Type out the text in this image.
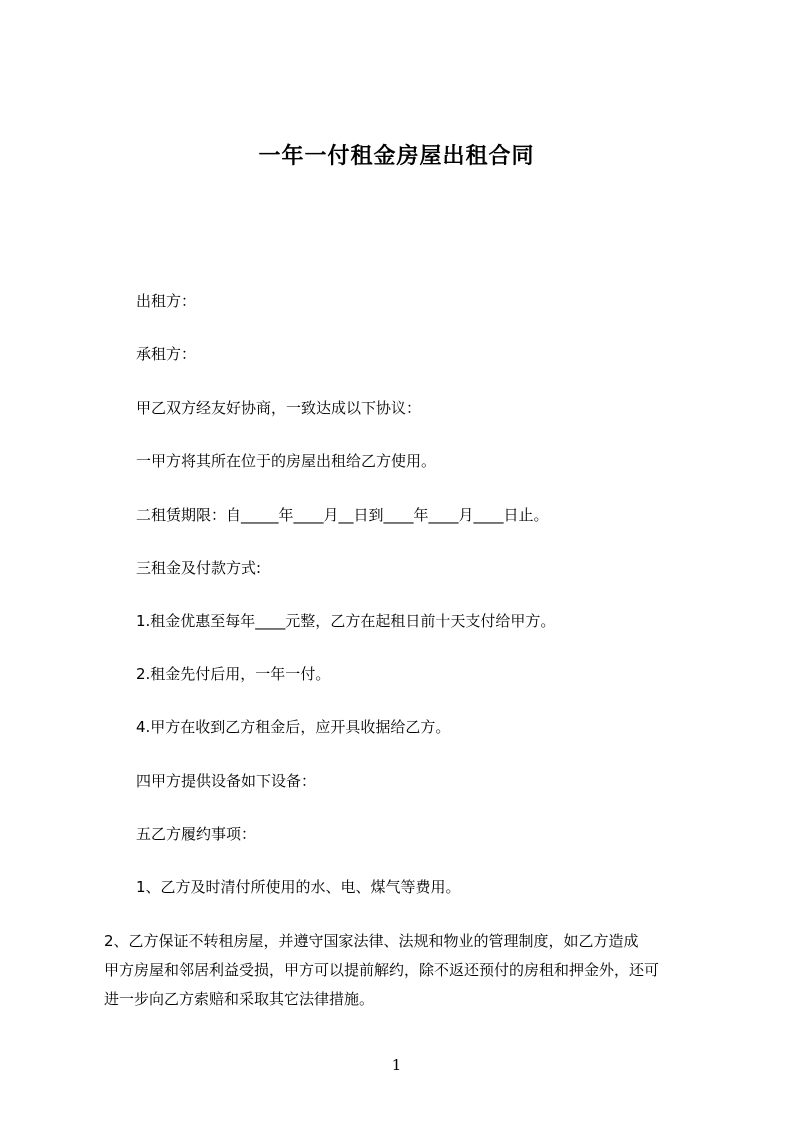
一年一付租金房屋出租合同
出租方：
承租方：
甲乙双方经友好协商，一致达成以下协议：
一甲方将其所在位于的房屋出租给乙方使用。
二租赁期限：自_____年____月__日到____年____月____日止。
三租金及付款方式:
1.租金优惠至每年____元整，乙方在起租日前十天支付给甲方。
2.租金先付后用，一年一付。
4.甲方在收到乙方租金后，应开具收据给乙方。
四甲方提供设备如下设备：
五乙方履约事项：
1、乙方及时清付所使用的水、电、煤气等费用。
2、乙方保证不转租房屋，并遵守国家法律、法规和物业的管理制度，如乙方造成
甲方房屋和邻居利益受损，甲方可以提前解约，除不返还预付的房租和押金外，还可
进一步向乙方索赔和采取其它法律措施。
1
